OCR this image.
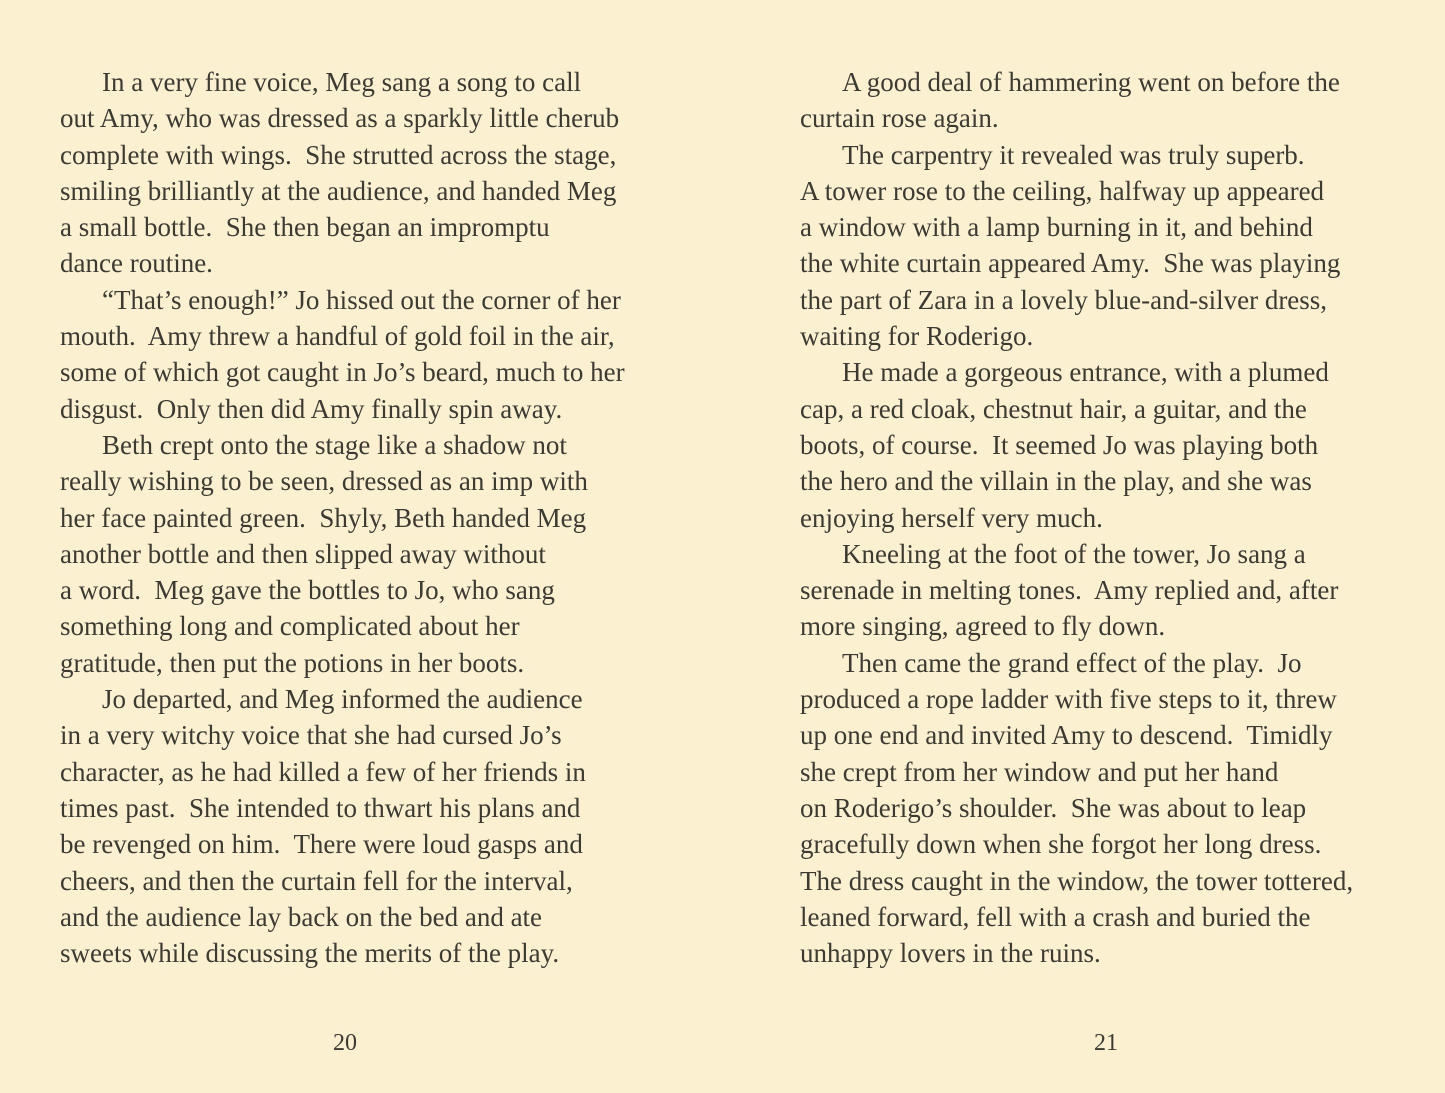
In a very fine voice, Meg sang a song to call
out Amy, who was dressed as a sparkly little cherub
complete with wings.  She strutted across the stage,
smiling brilliantly at the audience, and handed Meg
a small bottle.  She then began an impromptu
dance routine.
“That’s enough!” Jo hissed out the corner of her
mouth.  Amy threw a handful of gold foil in the air,
some of which got caught in Jo’s beard, much to her
disgust.  Only then did Amy finally spin away.
Beth crept onto the stage like a shadow not
really wishing to be seen, dressed as an imp with
her face painted green.  Shyly, Beth handed Meg
another bottle and then slipped away without
a word.  Meg gave the bottles to Jo, who sang
something long and complicated about her
gratitude, then put the potions in her boots.
Jo departed, and Meg informed the audience
in a very witchy voice that she had cursed Jo’s
character, as he had killed a few of her friends in
times past.  She intended to thwart his plans and
be revenged on him.  There were loud gasps and
cheers, and then the curtain fell for the interval,
and the audience lay back on the bed and ate
sweets while discussing the merits of the play.
20
A good deal of hammering went on before the
curtain rose again.
The carpentry it revealed was truly superb.
A tower rose to the ceiling, halfway up appeared
a window with a lamp burning in it, and behind
the white curtain appeared Amy.  She was playing
the part of Zara in a lovely blue-and-silver dress,
waiting for Roderigo.
He made a gorgeous entrance, with a plumed
cap, a red cloak, chestnut hair, a guitar, and the
boots, of course.  It seemed Jo was playing both
the hero and the villain in the play, and she was
enjoying herself very much.
Kneeling at the foot of the tower, Jo sang a
serenade in melting tones.  Amy replied and, after
more singing, agreed to fly down.
Then came the grand effect of the play.  Jo
produced a rope ladder with five steps to it, threw
up one end and invited Amy to descend.  Timidly
she crept from her window and put her hand
on Roderigo’s shoulder.  She was about to leap
gracefully down when she forgot her long dress.
The dress caught in the window, the tower tottered,
leaned forward, fell with a crash and buried the
unhappy lovers in the ruins.
21
